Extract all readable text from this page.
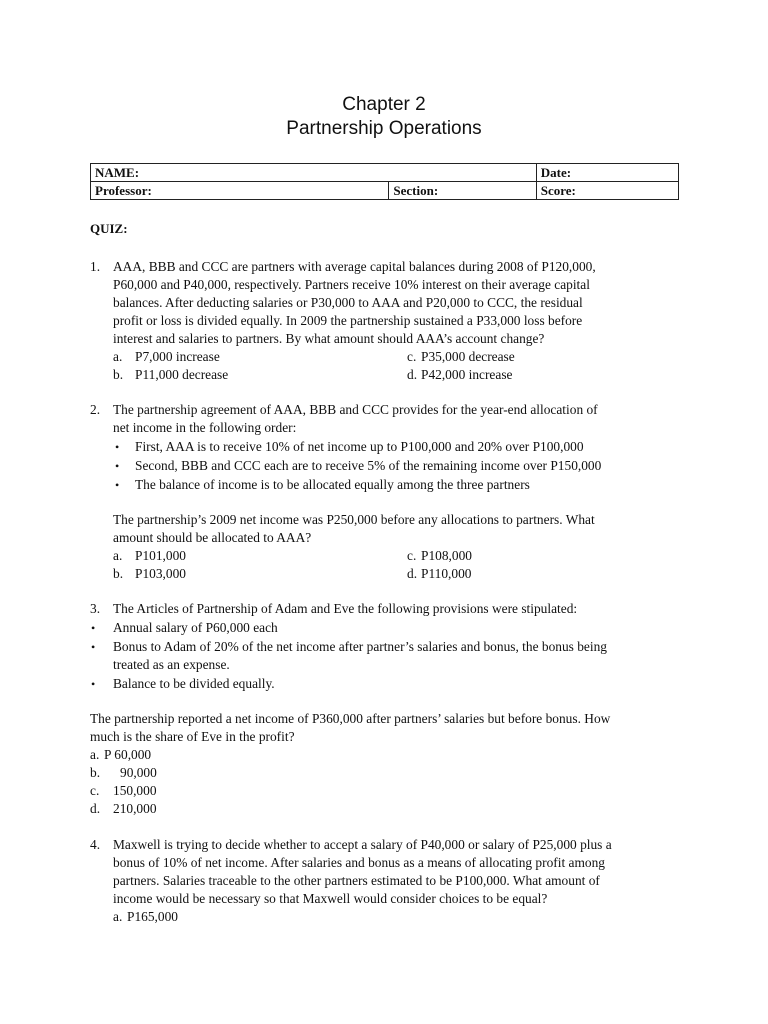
Chapter 2
Partnership Operations
NAME:		Date:
Professor:	Section:	Score:
QUIZ:
1. AAA, BBB and CCC are partners with average capital balances during 2008 of P120,000,
P60,000 and P40,000, respectively. Partners receive 10% interest on their average capital
balances. After deducting salaries or P30,000 to AAA and P20,000 to CCC, the residual
profit or loss is divided equally. In 2009 the partnership sustained a P33,000 loss before
interest and salaries to partners. By what amount should AAA’s account change?
a. P7,000 increase
b. P11,000 decrease
c. P35,000 decrease
d. P42,000 increase
2. The partnership agreement of AAA, BBB and CCC provides for the year-end allocation of
net income in the following order:
• First, AAA is to receive 10% of net income up to P100,000 and 20% over P100,000
• Second, BBB and CCC each are to receive 5% of the remaining income over P150,000
• The balance of income is to be allocated equally among the three partners
The partnership’s 2009 net income was P250,000 before any allocations to partners. What
amount should be allocated to AAA?
a. P101,000
b. P103,000
c. P108,000
d. P110,000
3. The Articles of Partnership of Adam and Eve the following provisions were stipulated:
• Annual salary of P60,000 each
• Bonus to Adam of 20% of the net income after partner’s salaries and bonus, the bonus being
treated as an expense.
• Balance to be divided equally.
The partnership reported a net income of P360,000 after partners’ salaries but before bonus. How
much is the share of Eve in the profit?
a. P 60,000
b. 90,000
c. 150,000
d. 210,000
4. Maxwell is trying to decide whether to accept a salary of P40,000 or salary of P25,000 plus a
bonus of 10% of net income. After salaries and bonus as a means of allocating profit among
partners. Salaries traceable to the other partners estimated to be P100,000. What amount of
income would be necessary so that Maxwell would consider choices to be equal?
a. P165,000
